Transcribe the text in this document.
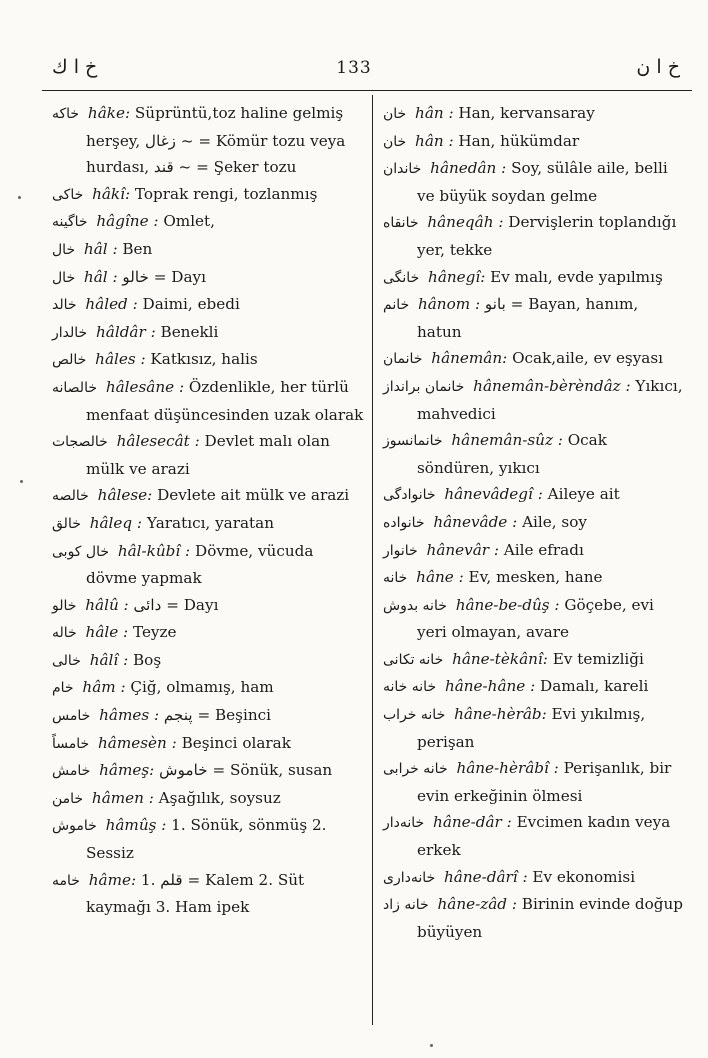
خ ا ك	133	خ ا ن

خاكه hâke: Süprüntü,toz haline gelmiş herşey, زغال ~ = Kömür tozu veya hurdası, قند ~ = Şeker tozu

خاكی hâkî: Toprak rengi, tozlanmış

خاگینه hâgîne : Omlet,

خال hâl : Ben

خال hâl : خالو = Dayı

خالد hâled : Daimi, ebedi

خالدار hâldâr : Benekli

خالص hâles : Katkısız, halis

خالصانه hâlesâne : Özdenlikle, her türlü menfaat düşüncesinden uzak olarak

خالصجات hâlesecât : Devlet malı olan mülk ve arazi

خالصه hâlese: Devlete ait mülk ve arazi

خالق hâleq : Yaratıcı, yaratan

خال كوبی hâl-kûbî : Dövme, vücuda dövme yapmak

خالو hâlû : دائی = Dayı

خاله hâle : Teyze

خالی hâlî : Boş

خام hâm : Çiğ, olmamış, ham

خامس hâmes : پنجم = Beşinci

خامساً hâmesèn : Beşinci olarak

خامش hâmeş: خاموش = Sönük, susan

خامن hâmen : Aşağılık, soysuz

خاموش hâmûş : 1. Sönük, sönmüş 2. Sessiz

خامه hâme: 1. قلم = Kalem 2. Süt kaymağı 3. Ham ipek

خان hân : Han, kervansaray

خان hân : Han, hükümdar

خاندان hânedân : Soy, sülâle aile, belli ve büyük soydan gelme

خانقاه hâneqâh : Dervişlerin toplandığı yer, tekke

خانگی hânegî: Ev malı, evde yapılmış

خانم hânom : بانو = Bayan, hanım, hatun

خانمان hânemân: Ocak,aile, ev eşyası

خانمان برانداز hânemân-bèrèndâz : Yıkıcı, mahvedici

خانمانسوز hânemân-sûz : Ocak söndüren, yıkıcı

خانوادگی hânevâdegî : Aileye ait

خانواده hânevâde : Aile, soy

خانوار hânevâr : Aile efradı

خانه hâne : Ev, mesken, hane

خانه بدوش hâne-be-dûş : Göçebe, evi yeri olmayan, avare

خانه تكانی hâne-tèkânî: Ev temizliği

خانه خانه hâne-hâne : Damalı, kareli

خانه خراب hâne-hèrâb: Evi yıkılmış, perişan

خانه خرابی hâne-hèrâbî : Perişanlık, bir evin erkeğinin ölmesi

خانه‌دار hâne-dâr : Evcimen kadın veya erkek

خانه‌داری hâne-dârî : Ev ekonomisi

خانه زاد hâne-zâd : Birinin evinde doğup büyüyen
